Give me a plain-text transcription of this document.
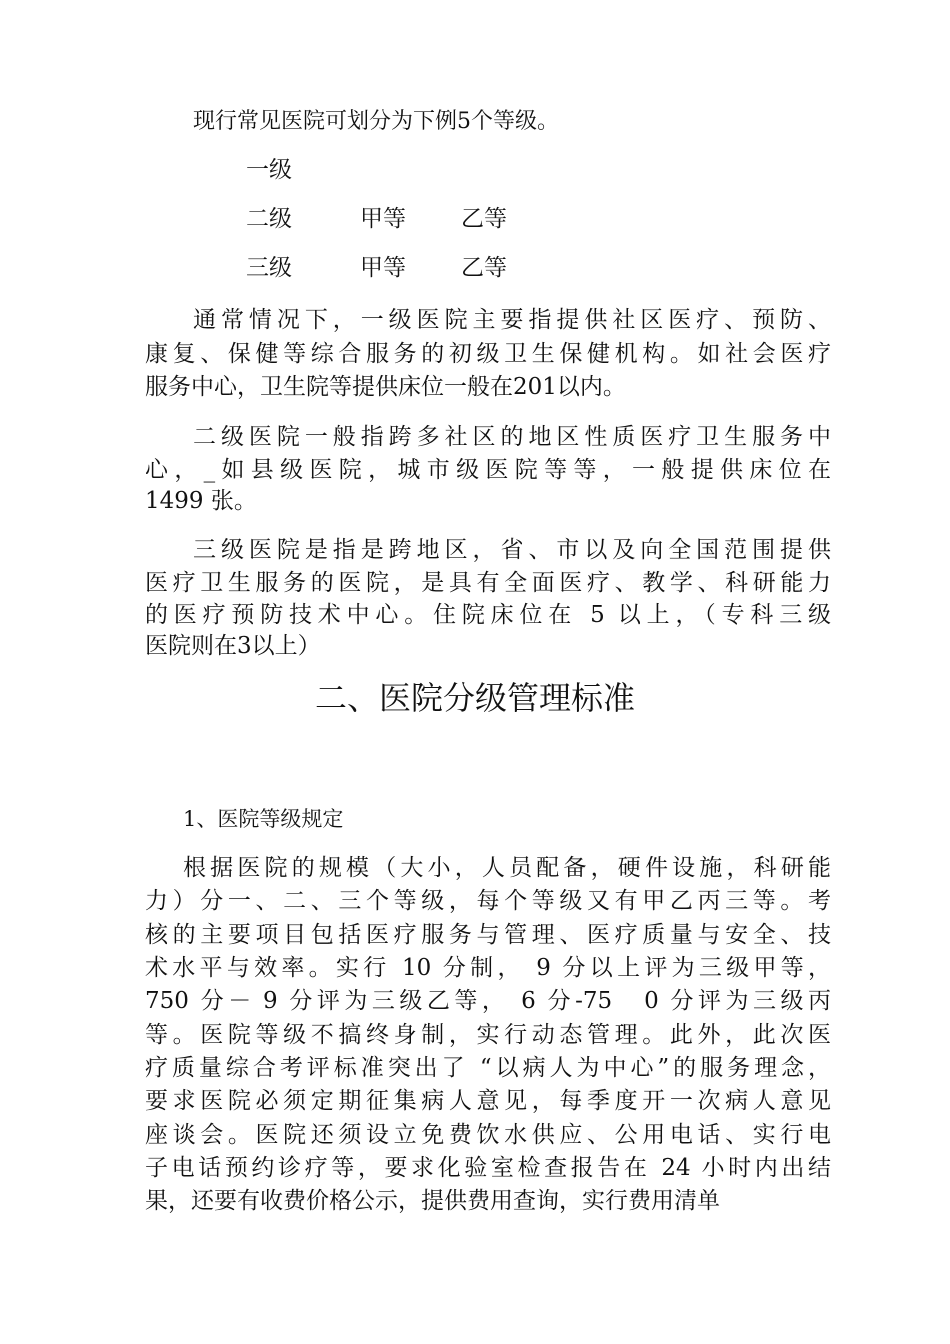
现行常见医院可划分为下例5个等级。
一级
二级	甲等 乙等
三级	甲等 乙等
通常情况下，一级医院主要指提供社区医疗、预防、
康复、保健等综合服务的初级卫生保健机构。如社会医疗
服务中心，卫生院等提供床位一般在201以内。
二级医院一般指跨多社区的地区性质医疗卫生服务中
心，_如县级医院，城市级医院等等，一般提供床位在
1499 张。
三级医院是指是跨地区，省、市以及向全国范围提供
医疗卫生服务的医院，是具有全面医疗、教学、科研能力
的医疗预防技术中心。住院床位在 5 以上，（专科三级
医院则在3以上）
二、医院分级管理标准
1、医院等级规定
根据医院的规模（大小，人员配备，硬件设施，科研能
力）分一、二、三个等级，每个等级又有甲乙丙三等。考
核的主要项目包括医疗服务与管理、医疗质量与安全、技
术水平与效率。实行 10 分制， 9 分以上评为三级甲等，
750 分－ 9 分评为三级乙等， 6 分-75　0 分评为三级丙
等。医院等级不搞终身制，实行动态管理。此外，此次医
疗质量综合考评标准突出了 “以病人为中心”的服务理念，
要求医院必须定期征集病人意见，每季度开一次病人意见
座谈会。医院还须设立免费饮水供应、公用电话、实行电
子电话预约诊疗等，要求化验室检查报告在 24 小时内出结
果，还要有收费价格公示，提供费用查询，实行费用清单
